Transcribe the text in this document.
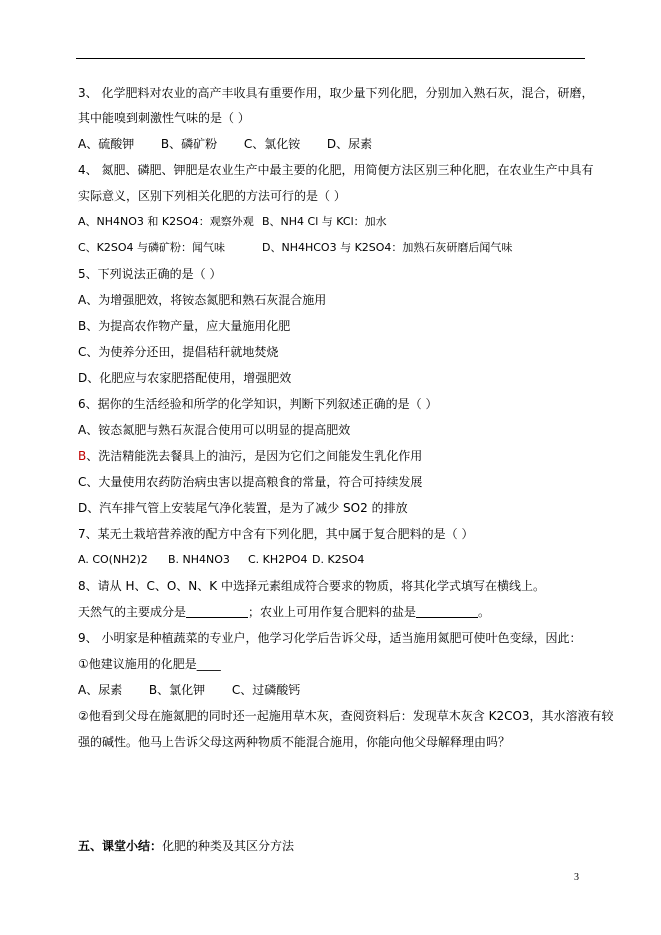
3、 化学肥料对农业的高产丰收具有重要作用，取少量下列化肥，分别加入熟石灰，混合，研磨，
其中能嗅到刺激性气味的是（ ）
A、硫酸钾       B、磷矿粉       C、氯化铵       D、尿素
4、 氮肥、磷肥、钾肥是农业生产中最主要的化肥，用简便方法区别三种化肥，在农业生产中具有
实际意义，区别下列相关化肥的方法可行的是（ ）
A、NH4NO3 和 K2SO4：观察外观 B、NH4 Cl 与 KCl：加水
C、K2SO4 与磷矿粉：闻气味	D、NH4HCO3 与 K2SO4：加熟石灰研磨后闻气味
5、下列说法正确的是（ ）
A、为增强肥效，将铵态氮肥和熟石灰混合施用
B、为提高农作物产量，应大量施用化肥
C、为使养分还田，提倡秸秆就地焚烧
D、化肥应与农家肥搭配使用，增强肥效
6、据你的生活经验和所学的化学知识，判断下列叙述正确的是（ ）
A、铵态氮肥与熟石灰混合使用可以明显的提高肥效
B、洗洁精能洗去餐具上的油污，是因为它们之间能发生乳化作用
C、大量使用农药防治病虫害以提高粮食的常量，符合可持续发展
D、汽车排气管上安装尾气净化装置，是为了减少 SO2 的排放
7、某无土栽培营养液的配方中含有下列化肥，其中属于复合肥料的是（ ）
A. CO(NH2)2 B. NH4NO3 C. KH2PO4 D. K2SO4
8、请从 H、C、O、N、K 中选择元素组成符合要求的物质，将其化学式填写在横线上。
天然气的主要成分是	；农业上可用作复合肥料的盐是	。
9、 小明家是种植蔬菜的专业户，他学习化学后告诉父母，适当施用氮肥可使叶色变绿，因此：
①他建议施用的化肥是____
A、尿素       B、氯化钾       C、过磷酸钙
②他看到父母在施氮肥的同时还一起施用草木灰，查阅资料后：发现草木灰含 K2CO3，其水溶液有较
强的碱性。他马上告诉父母这两种物质不能混合施用，你能向他父母解释理由吗？
五、课堂小结：化肥的种类及其区分方法
3
